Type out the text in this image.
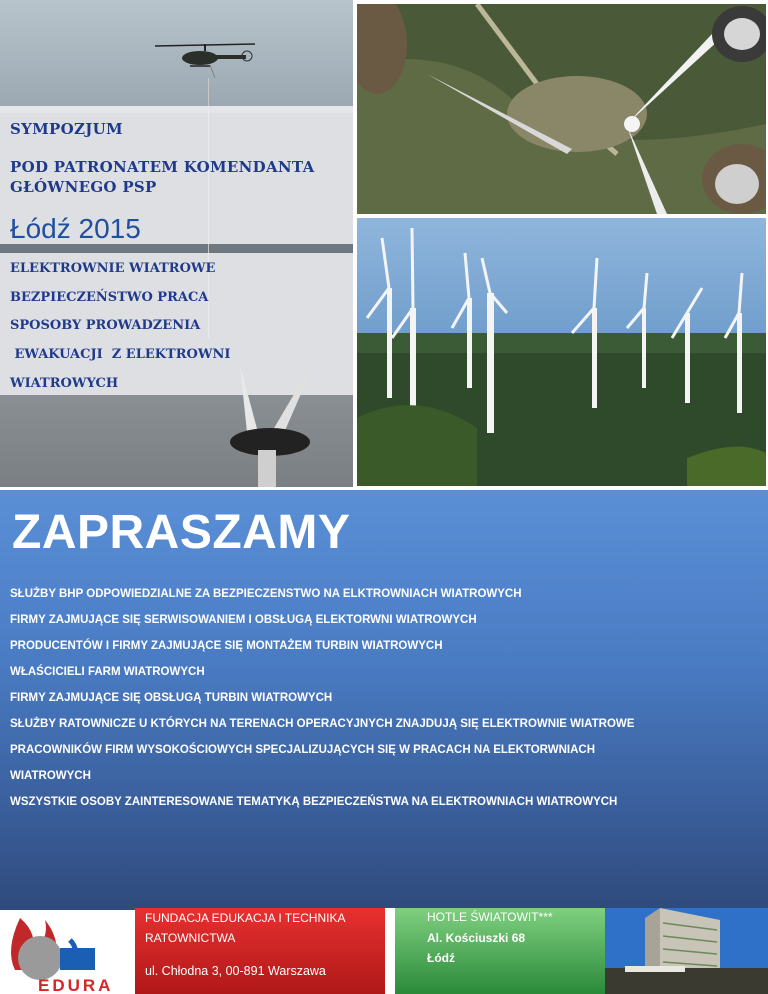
SYMPOZJUM
POD PATRONATEM KOMENDANTA GŁÓWNEGO PSP
Łódź 2015
ELEKTROWNIE WIATROWE
BEZPIECZEŃSTWO PRACA
SPOSOBY PROWADZENIA
EWAKUACJI  Z ELEKTROWNI
WIATROWYCH
ZAPRASZAMY
SŁUŻBY BHP ODPOWIEDZIALNE ZA BEZPIECZENSTWO NA ELKTROWNIACH WIATROWYCH
FIRMY ZAJMUJĄCE SIĘ SERWISOWANIEM I OBSŁUGĄ ELEKTORWNI WIATROWYCH
PRODUCENTÓW I FIRMY ZAJMUJĄCE SIĘ MONTAŻEM TURBIN WIATROWYCH
WŁAŚCICIELI FARM WIATROWYCH
FIRMY ZAJMUJĄCE SIĘ OBSŁUGĄ TURBIN WIATROWYCH
SŁUŻBY RATOWNICZE U KTÓRYCH NA TERENACH OPERACYJNYCH ZNAJDUJĄ SIĘ ELEKTROWNIE WIATROWE
PRACOWNIKÓW FIRM WYSOKOŚCIOWYCH SPECJALIZUJĄCYCH SIĘ W PRACACH NA ELEKTORWNIACH
WIATROWYCH
WSZYSTKIE OSOBY ZAINTERESOWANE TEMATYKĄ BEZPIECZEŃSTWA NA ELEKTROWNIACH WIATROWYCH
EDURA
FUNDACJA EDUKACJA I TECHNIKA
RATOWNICTWA
ul. Chłodna 3, 00-891 Warszawa
HOTLE ŚWIATOWIT***
Al. Kościuszki 68
Łódź
